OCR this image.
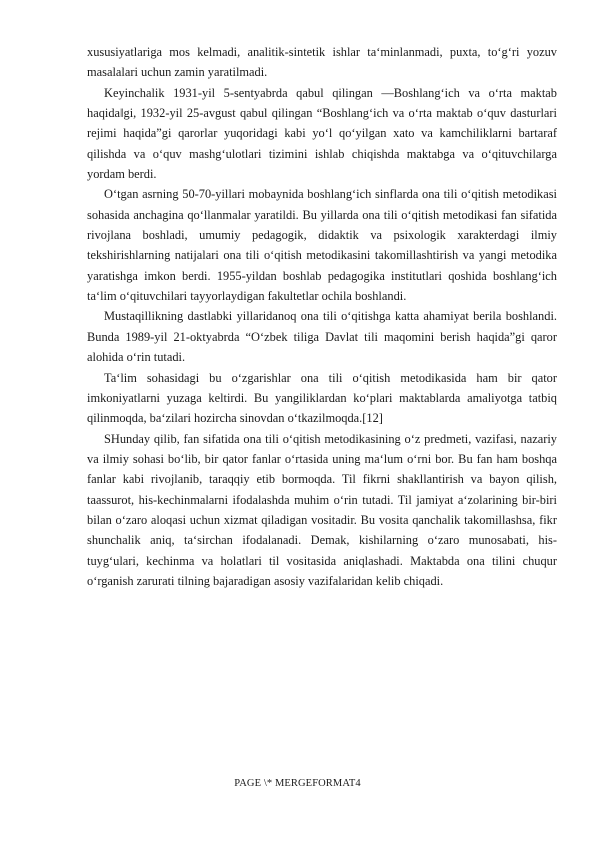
xususiyatlariga mos kelmadi, analitik-sintetik ishlar ta‘minlanmadi, puxta, to‘g‘ri yozuv masalalari uchun zamin yaratilmadi.

Keyinchalik 1931-yil 5-sentyabrda qabul qilingan ―Boshlang‘ich va o‘rta maktab haqida‖gi, 1932-yil 25-avgust qabul qilingan “Boshlang‘ich va o‘rta maktab o‘quv dasturlari rejimi haqida”gi qarorlar yuqoridagi kabi yo‘l qo‘yilgan xato va kamchiliklarni bartaraf qilishda va o‘quv mashg‘ulotlari tizimini ishlab chiqishda maktabga va o‘qituvchilarga yordam berdi.

O‘tgan asrning 50-70-yillari mobaynida boshlang‘ich sinflarda ona tili o‘qitish metodikasi sohasida anchagina qo‘llanmalar yaratildi. Bu yillarda ona tili o‘qitish metodikasi fan sifatida rivojlana boshladi, umumiy pedagogik, didaktik va psixologik xarakterdagi ilmiy tekshirishlarning natijalari ona tili o‘qitish metodikasini takomillashtirish va yangi metodika yaratishga imkon berdi. 1955-yildan boshlab pedagogika institutlari qoshida boshlang‘ich ta‘lim o‘qituvchilari tayyorlaydigan fakultetlar ochila boshlandi.

Mustaqillikning dastlabki yillaridanoq ona tili o‘qitishga katta ahamiyat berila boshlandi. Bunda 1989-yil 21-oktyabrda “O‘zbek tiliga Davlat tili maqomini berish haqida”gi qaror alohida o‘rin tutadi.

Ta‘lim sohasidagi bu o‘zgarishlar ona tili o‘qitish metodikasida ham bir qator imkoniyatlarni yuzaga keltirdi. Bu yangiliklardan ko‘plari maktablarda amaliyotga tatbiq qilinmoqda, ba‘zilari hozircha sinovdan o‘tkazilmoqda.[12]

SHunday qilib, fan sifatida ona tili o‘qitish metodikasining o‘z predmeti, vazifasi, nazariy va ilmiy sohasi bo‘lib, bir qator fanlar o‘rtasida uning ma‘lum o‘rni bor. Bu fan ham boshqa fanlar kabi rivojlanib, taraqqiy etib bormoqda. Til fikrni shakllantirish va bayon qilish, taassurot, his-kechinmalarni ifodalashda muhim o‘rin tutadi. Til jamiyat a‘zolarining bir-biri bilan o‘zaro aloqasi uchun xizmat qiladigan vositadir. Bu vosita qanchalik takomillashsa, fikr shunchalik aniq, ta‘sirchan ifodalanadi. Demak, kishilarning o‘zaro munosabati, his-tuyg‘ulari, kechinma va holatlari til vositasida aniqlashadi. Maktabda ona tilini chuqur o‘rganish zarurati tilning bajaradigan asosiy vazifalaridan kelib chiqadi.

PAGE \* MERGEFORMAT4
